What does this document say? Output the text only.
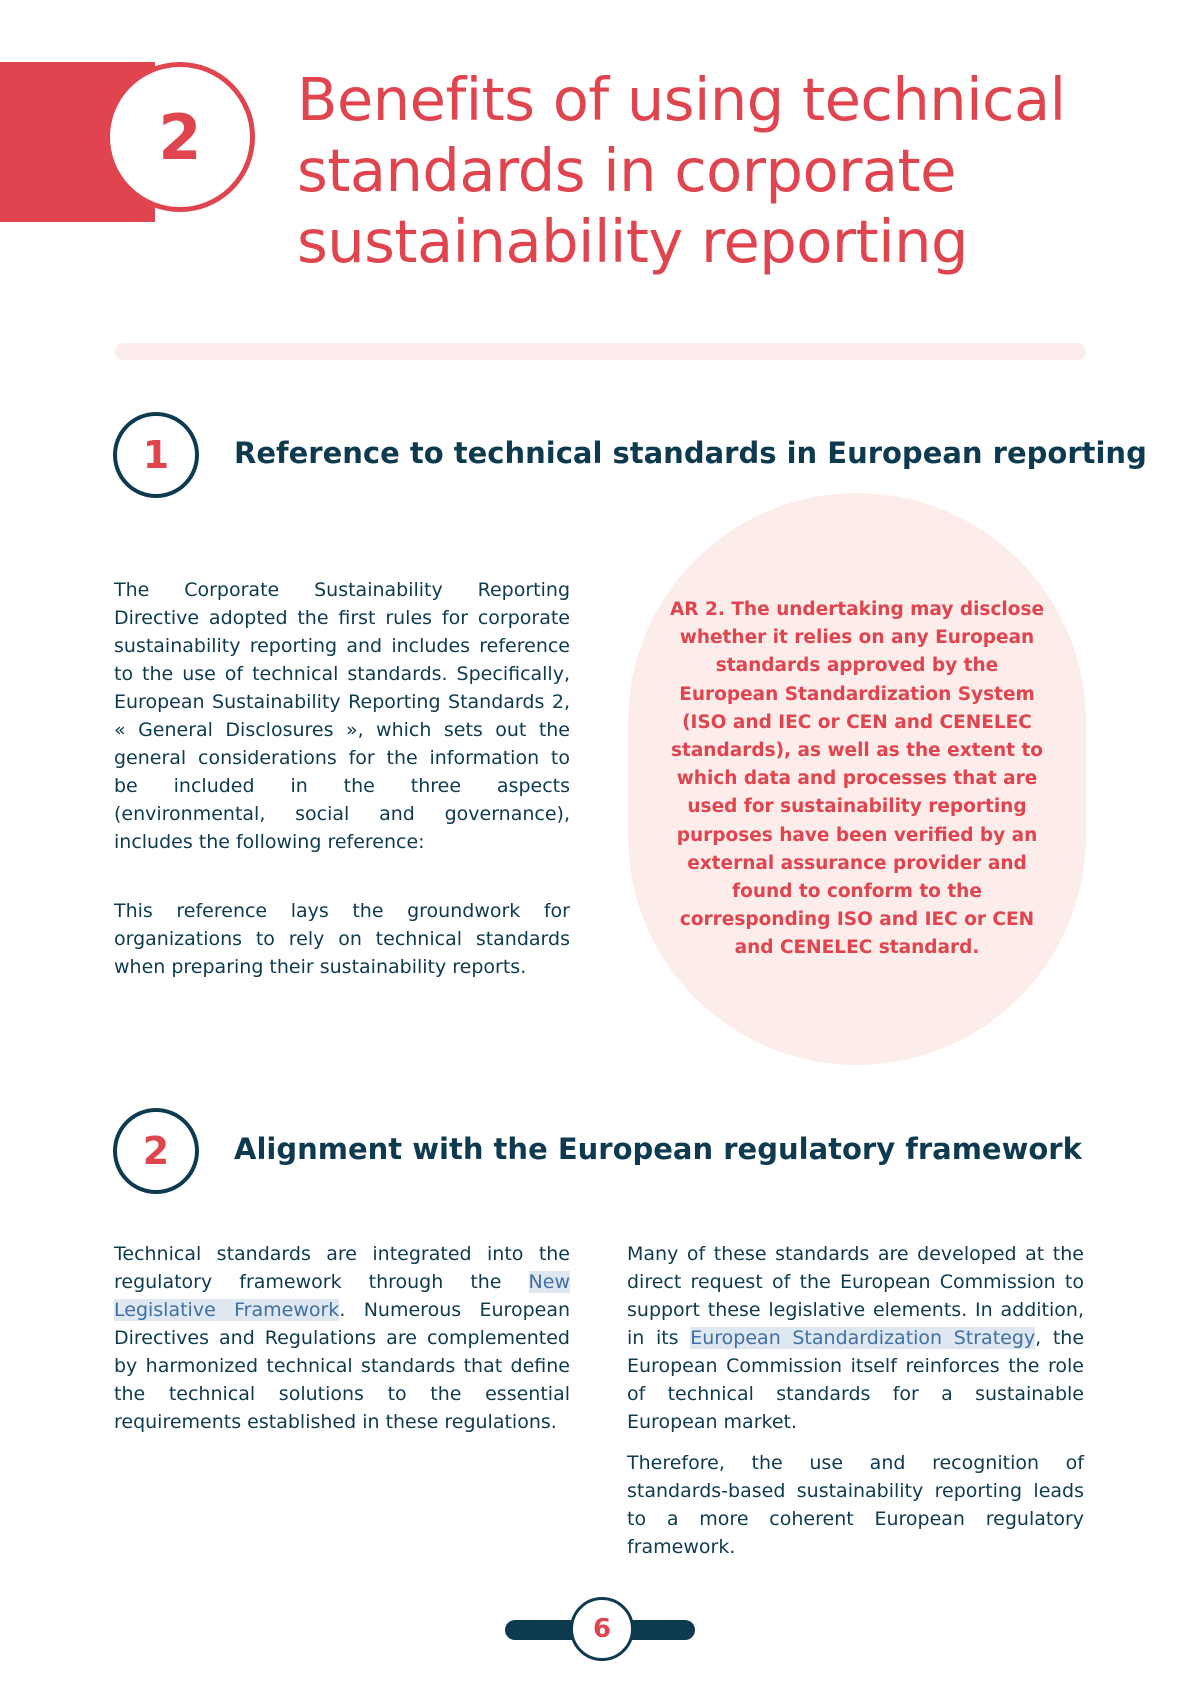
2
Benefits of using technical standards in corporate sustainability reporting
1 Reference to technical standards in European reporting

The Corporate Sustainability Reporting Directive adopted the first rules for corporate sustainability reporting and includes reference to the use of technical standards. Specifically, European Sustainability Reporting Standards 2, « General Disclosures », which sets out the general considerations for the information to be included in the three aspects (environmental, social and governance), includes the following reference:

This reference lays the groundwork for organizations to rely on technical standards when preparing their sustainability reports.

AR 2. The undertaking may disclose whether it relies on any European standards approved by the European Standardization System (ISO and IEC or CEN and CENELEC standards), as well as the extent to which data and processes that are used for sustainability reporting purposes have been verified by an external assurance provider and found to conform to the corresponding ISO and IEC or CEN and CENELEC standard.
2 Alignment with the European regulatory framework

Technical standards are integrated into the regulatory framework through the New Legislative Framework. Numerous European Directives and Regulations are complemented by harmonized technical standards that define the technical solutions to the essential requirements established in these regulations.

Many of these standards are developed at the direct request of the European Commission to support these legislative elements. In addition, in its European Standardization Strategy, the European Commission itself reinforces the role of technical standards for a sustainable European market.

Therefore, the use and recognition of standards-based sustainability reporting leads to a more coherent European regulatory framework.

6
